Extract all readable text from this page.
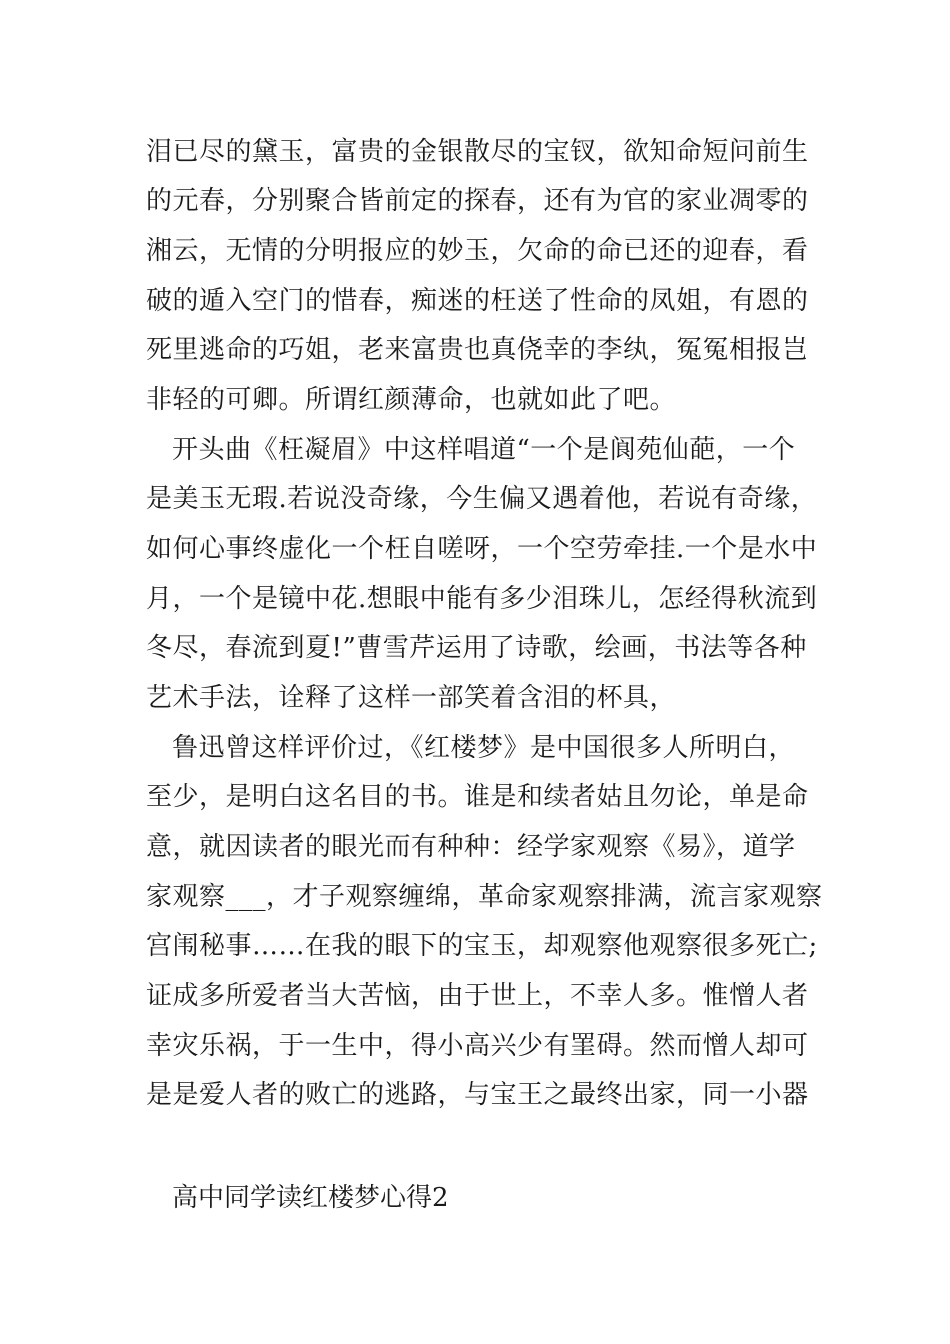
泪已尽的黛玉，富贵的金银散尽的宝钗，欲知命短问前生
的元春，分别聚合皆前定的探春，还有为官的家业凋零的
湘云，无情的分明报应的妙玉，欠命的命已还的迎春，看
破的遁入空门的惜春，痴迷的枉送了性命的凤姐，有恩的
死里逃命的巧姐，老来富贵也真侥幸的李纨，冤冤相报岂
非轻的可卿。所谓红颜薄命，也就如此了吧。
开头曲《枉凝眉》中这样唱道“一个是阆苑仙葩，一个
是美玉无瑕.若说没奇缘，今生偏又遇着他，若说有奇缘，
如何心事终虚化一个枉自嗟呀，一个空劳牵挂.一个是水中
月，一个是镜中花.想眼中能有多少泪珠儿，怎经得秋流到
冬尽，春流到夏!”曹雪芹运用了诗歌，绘画，书法等各种
艺术手法，诠释了这样一部笑着含泪的杯具，
鲁迅曾这样评价过，《红楼梦》是中国很多人所明白，
至少，是明白这名目的书。谁是和续者姑且勿论，单是命
意，就因读者的眼光而有种种：经学家观察《易》，道学
家观察___，才子观察缠绵，革命家观察排满，流言家观察
宫闱秘事……在我的眼下的宝玉，却观察他观察很多死亡;
证成多所爱者当大苦恼，由于世上，不幸人多。惟憎人者
幸灾乐祸，于一生中，得小高兴少有罣碍。然而憎人却可
是是爱人者的败亡的逃路，与宝王之最终出家，同一小器
高中同学读红楼梦心得2
